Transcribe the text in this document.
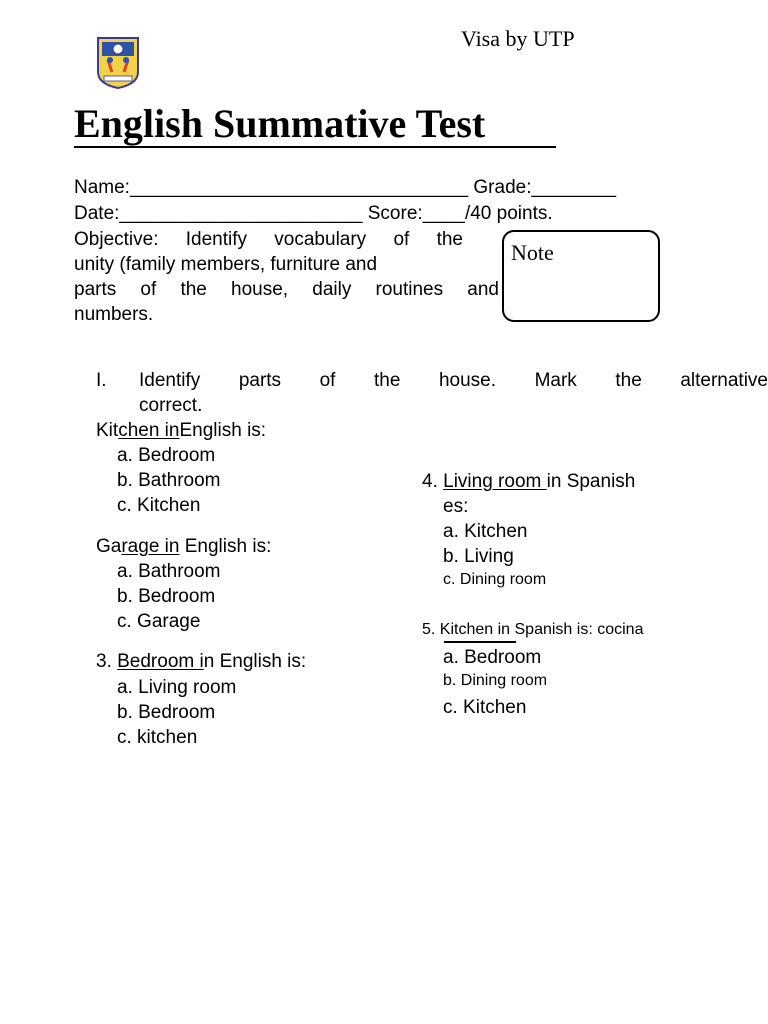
Visa by UTP
English Summative Test
Name:________________________________ Grade:________
Date:_______________________ Score:____/40 points.
Objective: Identify vocabulary of the
unity (family members, furniture and
parts of the house, daily routines and
numbers.
Note
I. Identify parts of the house. Mark the alternative
correct.
Kitchen inEnglish is:
a. Bedroom
b. Bathroom
c. Kitchen
Garage in English is:
a. Bathroom
b. Bedroom
c. Garage
3. Bedroom in English is:
a. Living room
b. Bedroom
c. kitchen
4. Living room in Spanish
es:
a. Kitchen
b. Living
c. Dining room
5. Kitchen in Spanish is: cocina
a. Bedroom
b. Dining room
c. Kitchen
